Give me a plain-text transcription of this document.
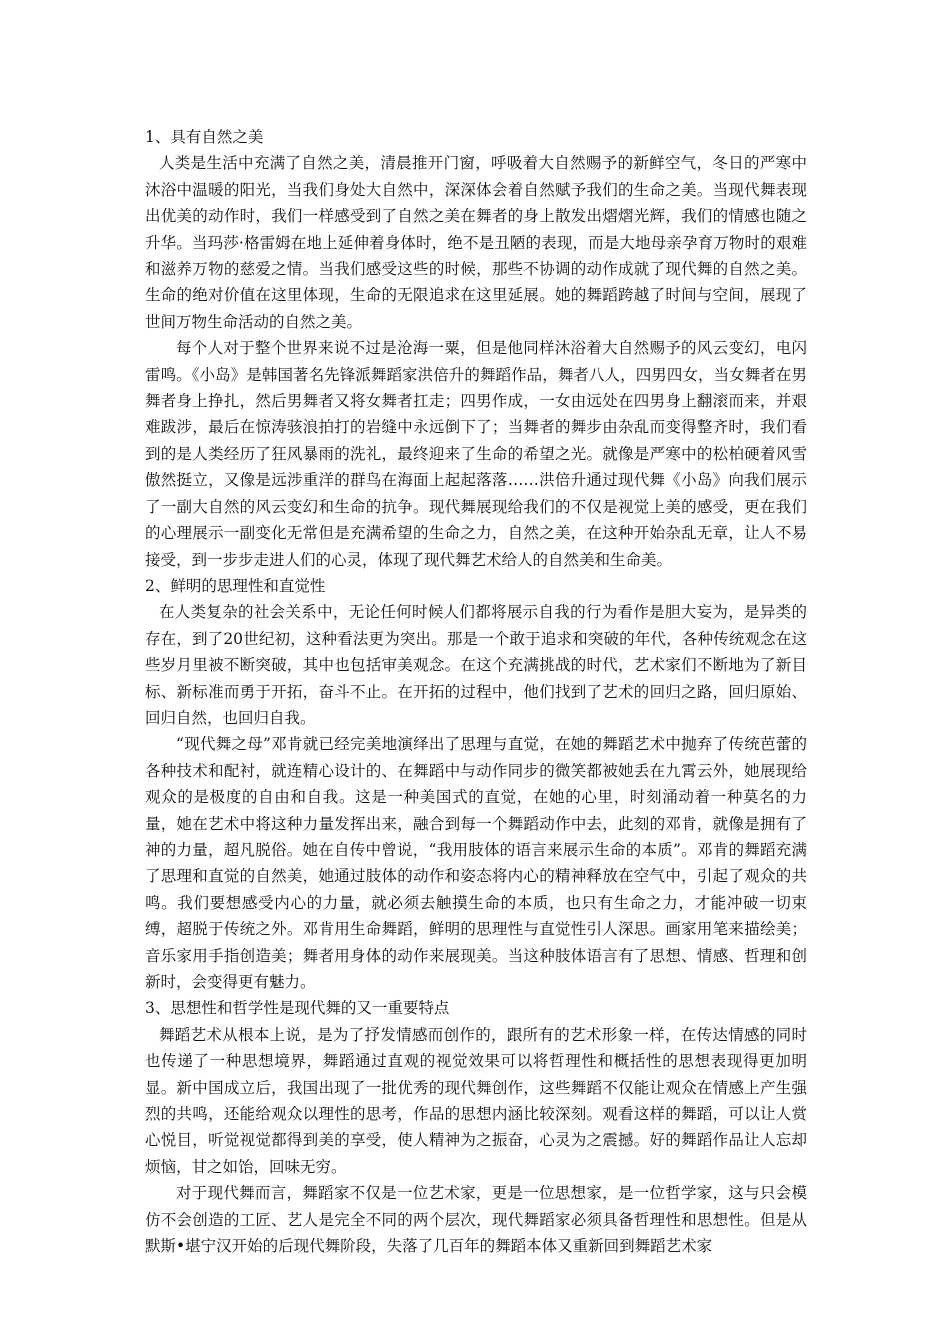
1、具有自然之美

人类是生活中充满了自然之美，清晨推开门窗，呼吸着大自然赐予的新鲜空气，冬日的严寒中沐浴中温暖的阳光，当我们身处大自然中，深深体会着自然赋予我们的生命之美。当现代舞表现出优美的动作时，我们一样感受到了自然之美在舞者的身上散发出熠熠光辉，我们的情感也随之升华。当玛莎·格雷姆在地上延伸着身体时，绝不是丑陋的表现，而是大地母亲孕育万物时的艰难和滋养万物的慈爱之情。当我们感受这些的时候，那些不协调的动作成就了现代舞的自然之美。生命的绝对价值在这里体现，生命的无限追求在这里延展。她的舞蹈跨越了时间与空间，展现了世间万物生命活动的自然之美。

每个人对于整个世界来说不过是沧海一粟，但是他同样沐浴着大自然赐予的风云变幻，电闪雷鸣。《小岛》是韩国著名先锋派舞蹈家洪倍升的舞蹈作品，舞者八人，四男四女，当女舞者在男舞者身上挣扎，然后男舞者又将女舞者扛走；四男作成，一女由远处在四男身上翻滚而来，并艰难跋涉，最后在惊涛骇浪拍打的岩缝中永远倒下了；当舞者的舞步由杂乱而变得整齐时，我们看到的是人类经历了狂风暴雨的洗礼，最终迎来了生命的希望之光。就像是严寒中的松柏硬着风雪傲然挺立，又像是远涉重洋的群鸟在海面上起起落落……洪倍升通过现代舞《小岛》向我们展示了一副大自然的风云变幻和生命的抗争。现代舞展现给我们的不仅是视觉上美的感受，更在我们的心理展示一副变化无常但是充满希望的生命之力，自然之美，在这种开始杂乱无章，让人不易接受，到一步步走进人们的心灵，体现了现代舞艺术给人的自然美和生命美。

2、鲜明的思理性和直觉性

在人类复杂的社会关系中，无论任何时候人们都将展示自我的行为看作是胆大妄为，是异类的存在，到了20世纪初，这种看法更为突出。那是一个敢于追求和突破的年代，各种传统观念在这些岁月里被不断突破，其中也包括审美观念。在这个充满挑战的时代，艺术家们不断地为了新目标、新标准而勇于开拓，奋斗不止。在开拓的过程中，他们找到了艺术的回归之路，回归原始、回归自然，也回归自我。

“现代舞之母”邓肯就已经完美地演绎出了思理与直觉，在她的舞蹈艺术中抛弃了传统芭蕾的各种技术和配衬，就连精心设计的、在舞蹈中与动作同步的微笑都被她丢在九霄云外，她展现给观众的是极度的自由和自我。这是一种美国式的直觉，在她的心里，时刻涌动着一种莫名的力量，她在艺术中将这种力量发挥出来，融合到每一个舞蹈动作中去，此刻的邓肯，就像是拥有了神的力量，超凡脱俗。她在自传中曾说，“我用肢体的语言来展示生命的本质”。邓肯的舞蹈充满了思理和直觉的自然美，她通过肢体的动作和姿态将内心的精神释放在空气中，引起了观众的共鸣。我们要想感受内心的力量，就必须去触摸生命的本质，也只有生命之力，才能冲破一切束缚，超脱于传统之外。邓肯用生命舞蹈，鲜明的思理性与直觉性引人深思。画家用笔来描绘美；音乐家用手指创造美；舞者用身体的动作来展现美。当这种肢体语言有了思想、情感、哲理和创新时，会变得更有魅力。

3、思想性和哲学性是现代舞的又一重要特点

舞蹈艺术从根本上说，是为了抒发情感而创作的，跟所有的艺术形象一样，在传达情感的同时也传递了一种思想境界，舞蹈通过直观的视觉效果可以将哲理性和概括性的思想表现得更加明显。新中国成立后，我国出现了一批优秀的现代舞创作，这些舞蹈不仅能让观众在情感上产生强烈的共鸣，还能给观众以理性的思考，作品的思想内涵比较深刻。观看这样的舞蹈，可以让人赏心悦目，听觉视觉都得到美的享受，使人精神为之振奋，心灵为之震撼。好的舞蹈作品让人忘却烦恼，甘之如饴，回味无穷。

对于现代舞而言，舞蹈家不仅是一位艺术家，更是一位思想家，是一位哲学家，这与只会模仿不会创造的工匠、艺人是完全不同的两个层次，现代舞蹈家必须具备哲理性和思想性。但是从默斯•堪宁汉开始的后现代舞阶段，失落了几百年的舞蹈本体又重新回到舞蹈艺术家
